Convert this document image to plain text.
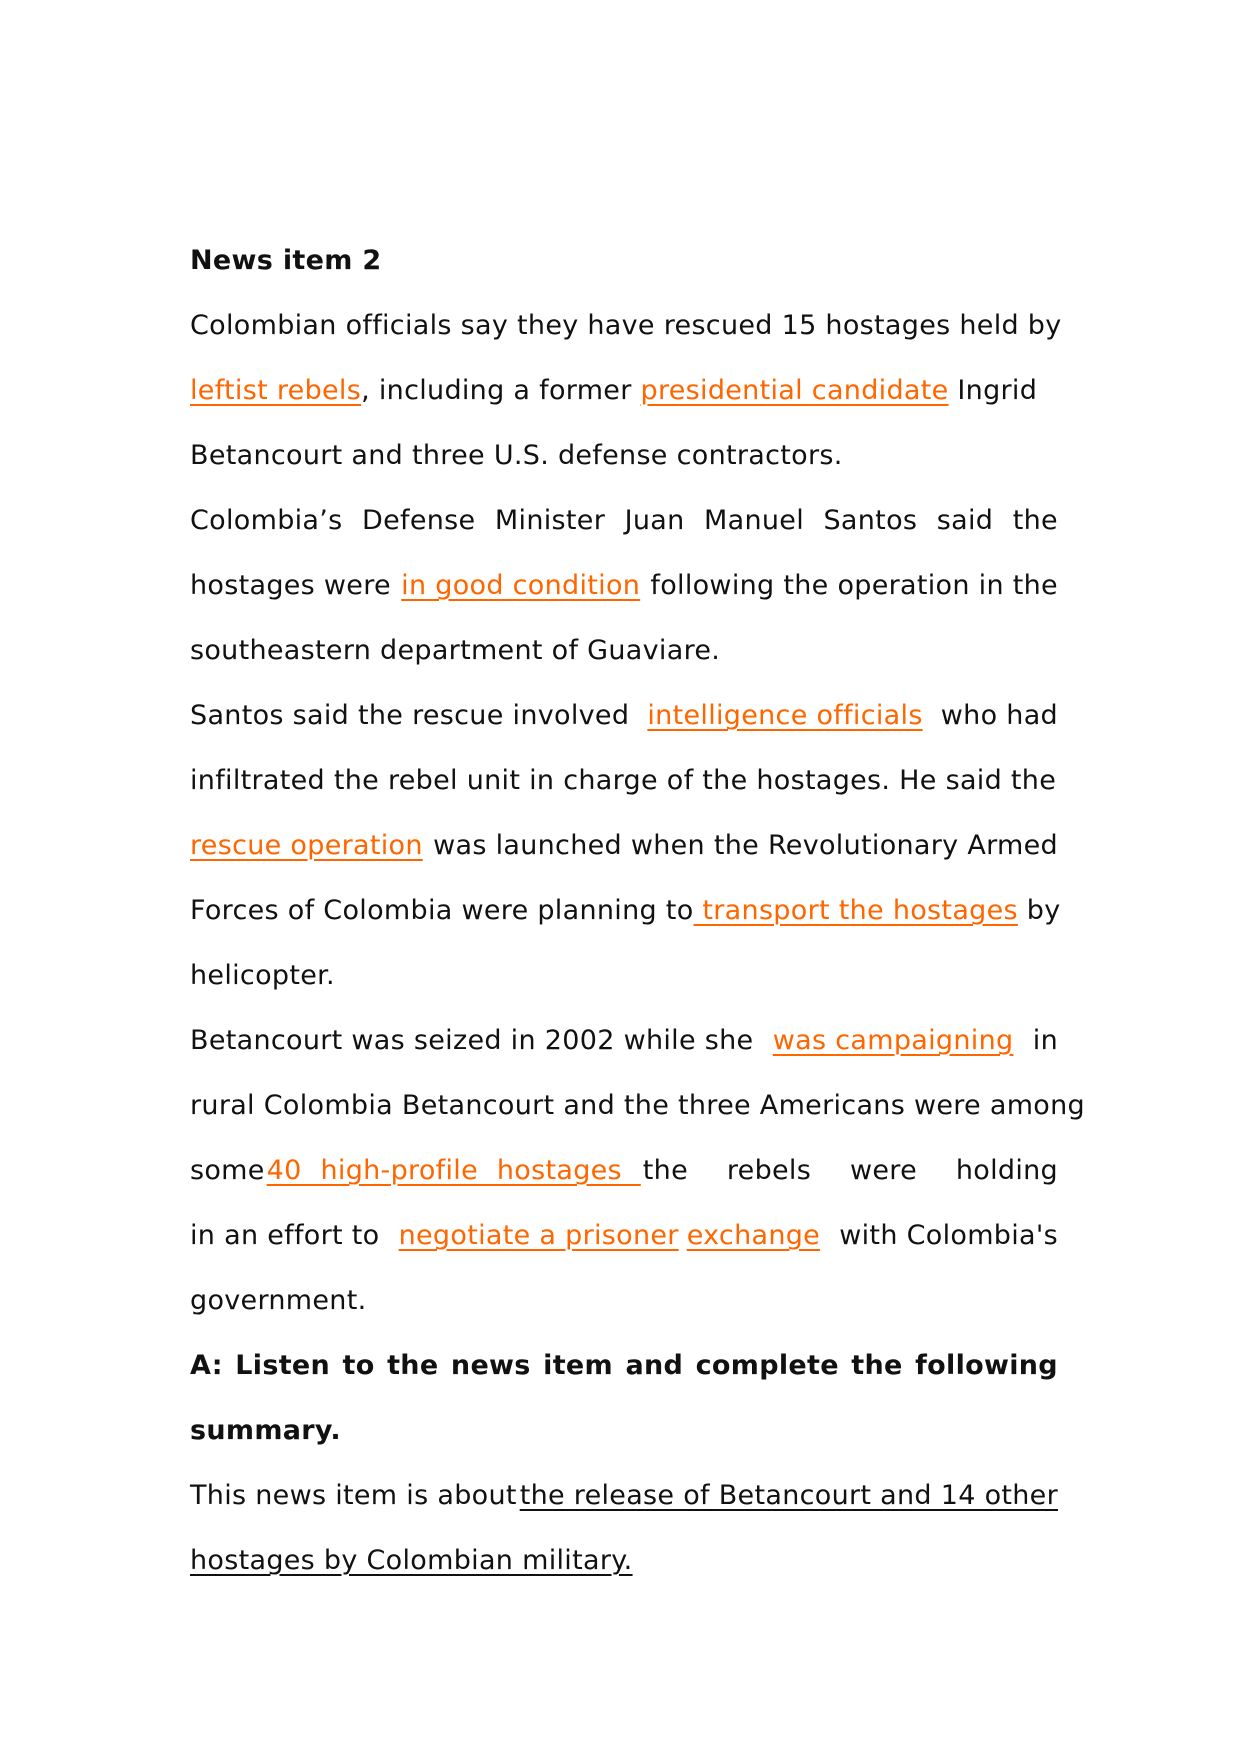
News item 2
Colombian officials say they have rescued 15 hostages held by
leftist rebels , including a former presidential candidate Ingrid
Betancourt and three U.S. defense contractors.
Colombia’s Defense Minister Juan Manuel Santos said the
hostages were in good condition following the operation in the
southeastern department of Guaviare.
Santos said the rescue involved intelligence officials who had
infiltrated the rebel unit in charge of the hostages. He said the
rescue operation was launched when the Revolutionary Armed
Forces of Colombia were planning to transport the hostages by
helicopter.
Betancourt was seized in 2002 while she was campaigning in
rural Colombia Betancourt and the three Americans were among
some 40 high-profile hostages the rebels were holding
in an effort to negotiate a prisoner exchange with Colombia's
government.
A: Listen to the news item and complete the following
summary.
This news item is about the release of Betancourt and 14 other
hostages by Colombian military.
